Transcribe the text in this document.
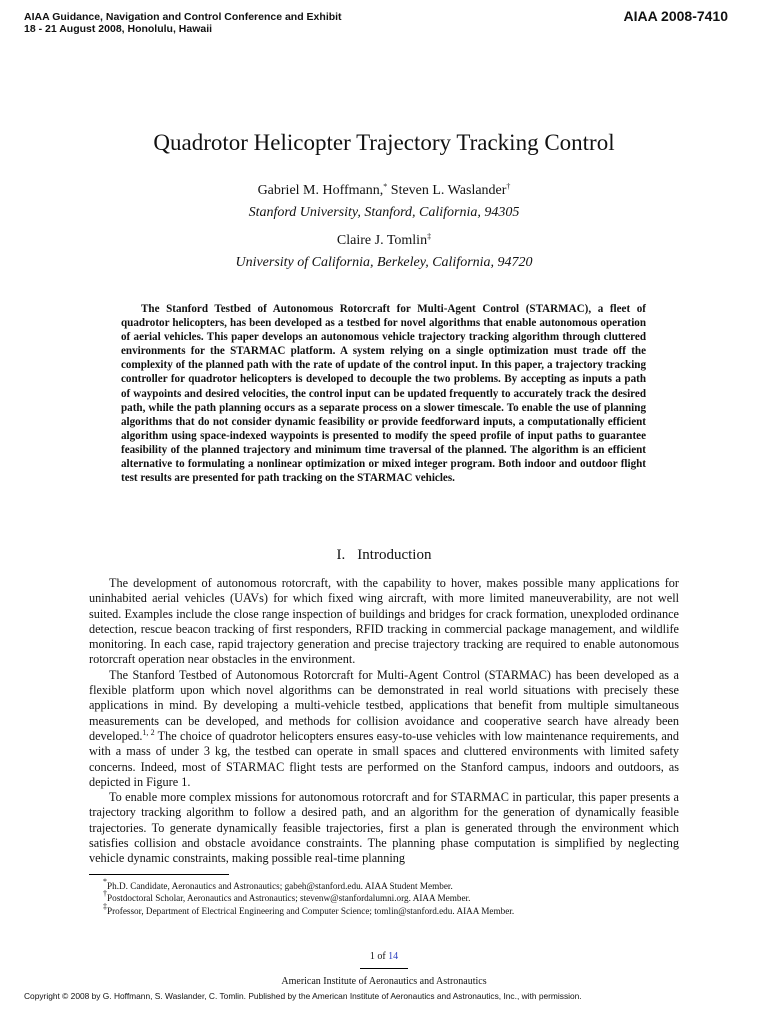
AIAA Guidance, Navigation and Control Conference and Exhibit
18 - 21 August 2008, Honolulu, Hawaii
AIAA 2008-7410
Quadrotor Helicopter Trajectory Tracking Control
Gabriel M. Hoffmann,* Steven L. Waslander†
Stanford University, Stanford, California, 94305
Claire J. Tomlin‡
University of California, Berkeley, California, 94720

The Stanford Testbed of Autonomous Rotorcraft for Multi-Agent Control (STARMAC), a fleet of quadrotor helicopters, has been developed as a testbed for novel algorithms that enable autonomous operation of aerial vehicles. This paper develops an autonomous vehicle trajectory tracking algorithm through cluttered environments for the STARMAC platform. A system relying on a single optimization must trade off the complexity of the planned path with the rate of update of the control input. In this paper, a trajectory tracking controller for quadrotor helicopters is developed to decouple the two problems. By accepting as inputs a path of waypoints and desired velocities, the control input can be updated frequently to accurately track the desired path, while the path planning occurs as a separate process on a slower timescale. To enable the use of planning algorithms that do not consider dynamic feasibility or provide feedforward inputs, a computationally efficient algorithm using space-indexed waypoints is presented to modify the speed profile of input paths to guarantee feasibility of the planned trajectory and minimum time traversal of the planned. The algorithm is an efficient alternative to formulating a nonlinear optimization or mixed integer program. Both indoor and outdoor flight test results are presented for path tracking on the STARMAC vehicles.

I. Introduction

The development of autonomous rotorcraft, with the capability to hover, makes possible many applications for uninhabited aerial vehicles (UAVs) for which fixed wing aircraft, with more limited maneuverability, are not well suited. Examples include the close range inspection of buildings and bridges for crack formation, unexploded ordinance detection, rescue beacon tracking of first responders, RFID tracking in commercial package management, and wildlife monitoring. In each case, rapid trajectory generation and precise trajectory tracking are required to enable autonomous rotorcraft operation near obstacles in the environment.

The Stanford Testbed of Autonomous Rotorcraft for Multi-Agent Control (STARMAC) has been developed as a flexible platform upon which novel algorithms can be demonstrated in real world situations with precisely these applications in mind. By developing a multi-vehicle testbed, applications that benefit from multiple simultaneous measurements can be developed, and methods for collision avoidance and cooperative search have already been developed.$^{1, 2}$ The choice of quadrotor helicopters ensures easy-to-use vehicles with low maintenance requirements, and with a mass of under 3 kg, the testbed can operate in small spaces and cluttered environments with limited safety concerns. Indeed, most of STARMAC flight tests are performed on the Stanford campus, indoors and outdoors, as depicted in Figure 1.

To enable more complex missions for autonomous rotorcraft and for STARMAC in particular, this paper presents a trajectory tracking algorithm to follow a desired path, and an algorithm for the generation of dynamically feasible trajectories. To generate dynamically feasible trajectories, first a plan is generated through the environment which satisfies collision and obstacle avoidance constraints. The planning phase computation is simplified by neglecting vehicle dynamic constraints, making possible real-time planning

*Ph.D. Candidate, Aeronautics and Astronautics; gabeh@stanford.edu. AIAA Student Member.
†Postdoctoral Scholar, Aeronautics and Astronautics; stevenw@stanfordalumni.org. AIAA Member.
‡Professor, Department of Electrical Engineering and Computer Science; tomlin@stanford.edu. AIAA Member.
1 of 14
American Institute of Aeronautics and Astronautics
Copyright © 2008 by G. Hoffmann, S. Waslander, C. Tomlin. Published by the American Institute of Aeronautics and Astronautics, Inc., with permission.
